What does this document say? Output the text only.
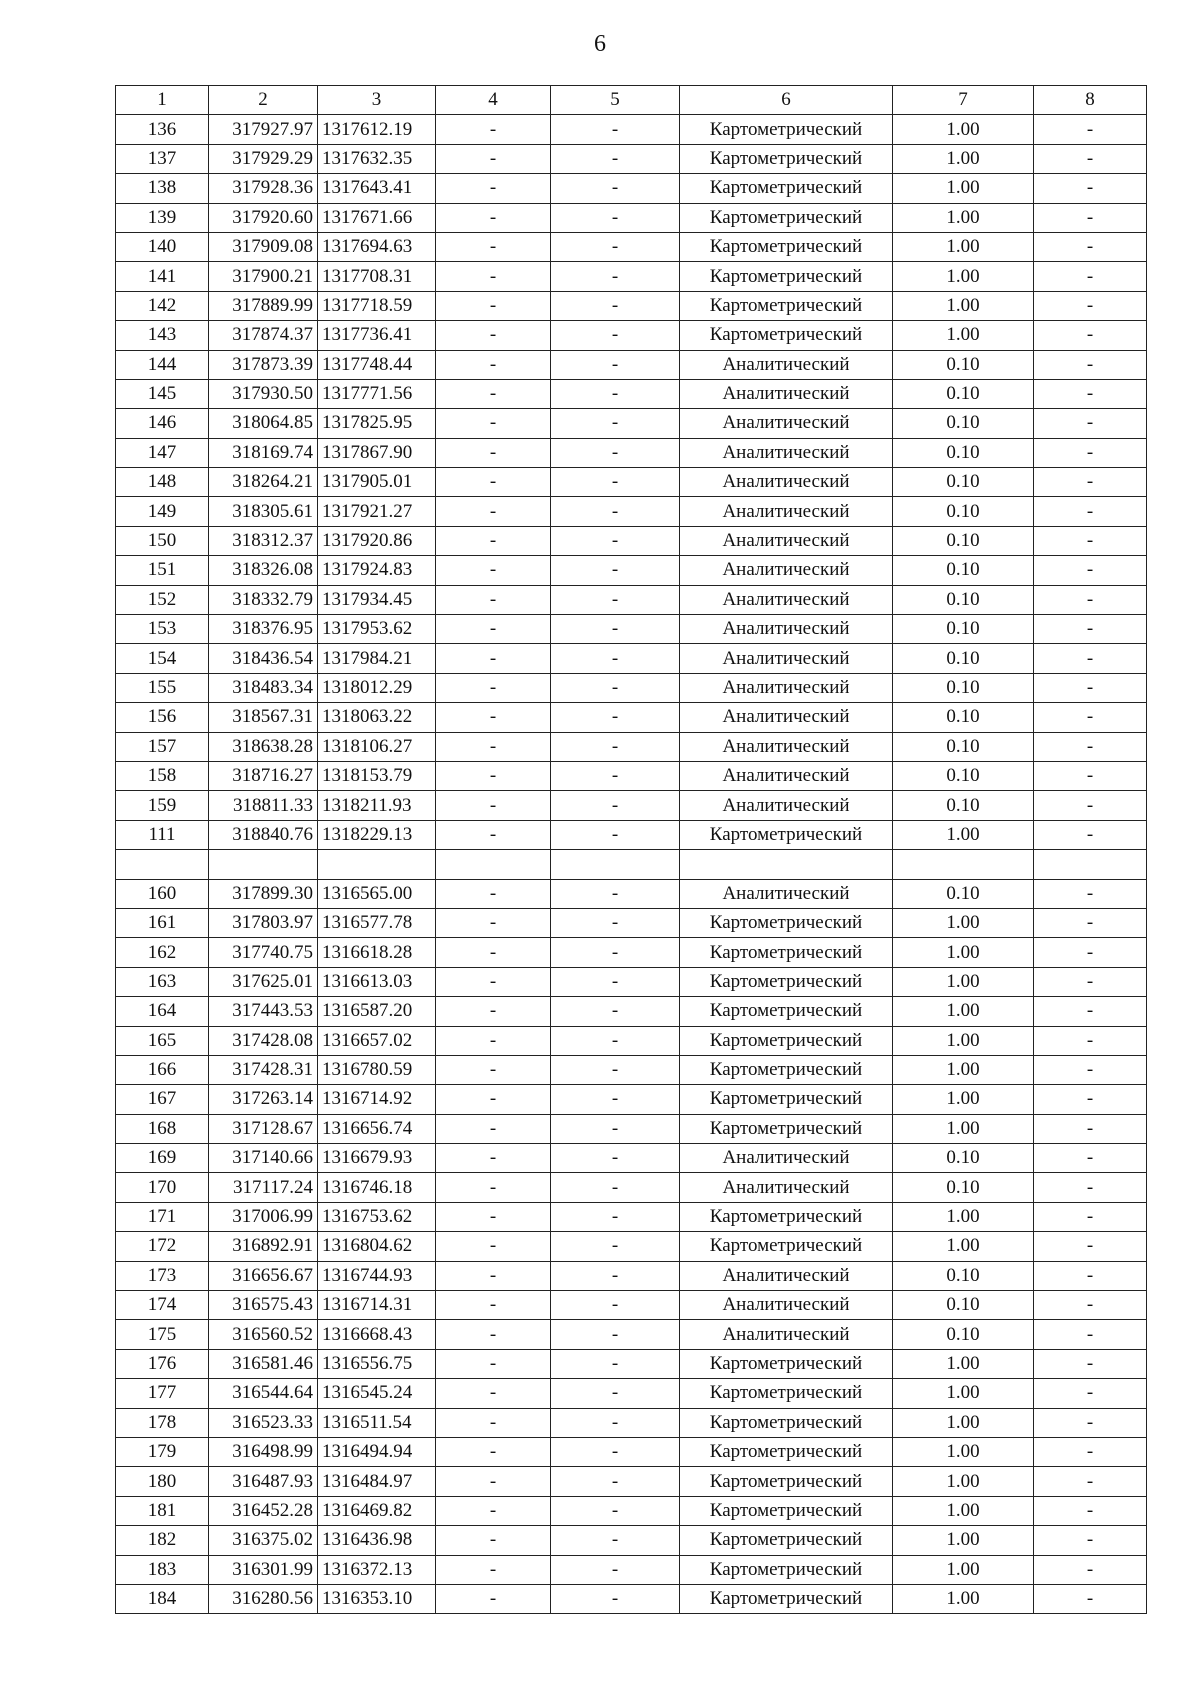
6
1	2	3	4	5	6	7	8
136	317927.97	1317612.19	-	-	Картометрический	1.00	-
137	317929.29	1317632.35	-	-	Картометрический	1.00	-
138	317928.36	1317643.41	-	-	Картометрический	1.00	-
139	317920.60	1317671.66	-	-	Картометрический	1.00	-
140	317909.08	1317694.63	-	-	Картометрический	1.00	-
141	317900.21	1317708.31	-	-	Картометрический	1.00	-
142	317889.99	1317718.59	-	-	Картометрический	1.00	-
143	317874.37	1317736.41	-	-	Картометрический	1.00	-
144	317873.39	1317748.44	-	-	Аналитический	0.10	-
145	317930.50	1317771.56	-	-	Аналитический	0.10	-
146	318064.85	1317825.95	-	-	Аналитический	0.10	-
147	318169.74	1317867.90	-	-	Аналитический	0.10	-
148	318264.21	1317905.01	-	-	Аналитический	0.10	-
149	318305.61	1317921.27	-	-	Аналитический	0.10	-
150	318312.37	1317920.86	-	-	Аналитический	0.10	-
151	318326.08	1317924.83	-	-	Аналитический	0.10	-
152	318332.79	1317934.45	-	-	Аналитический	0.10	-
153	318376.95	1317953.62	-	-	Аналитический	0.10	-
154	318436.54	1317984.21	-	-	Аналитический	0.10	-
155	318483.34	1318012.29	-	-	Аналитический	0.10	-
156	318567.31	1318063.22	-	-	Аналитический	0.10	-
157	318638.28	1318106.27	-	-	Аналитический	0.10	-
158	318716.27	1318153.79	-	-	Аналитический	0.10	-
159	318811.33	1318211.93	-	-	Аналитический	0.10	-
111	318840.76	1318229.13	-	-	Картометрический	1.00	-

160	317899.30	1316565.00	-	-	Аналитический	0.10	-
161	317803.97	1316577.78	-	-	Картометрический	1.00	-
162	317740.75	1316618.28	-	-	Картометрический	1.00	-
163	317625.01	1316613.03	-	-	Картометрический	1.00	-
164	317443.53	1316587.20	-	-	Картометрический	1.00	-
165	317428.08	1316657.02	-	-	Картометрический	1.00	-
166	317428.31	1316780.59	-	-	Картометрический	1.00	-
167	317263.14	1316714.92	-	-	Картометрический	1.00	-
168	317128.67	1316656.74	-	-	Картометрический	1.00	-
169	317140.66	1316679.93	-	-	Аналитический	0.10	-
170	317117.24	1316746.18	-	-	Аналитический	0.10	-
171	317006.99	1316753.62	-	-	Картометрический	1.00	-
172	316892.91	1316804.62	-	-	Картометрический	1.00	-
173	316656.67	1316744.93	-	-	Аналитический	0.10	-
174	316575.43	1316714.31	-	-	Аналитический	0.10	-
175	316560.52	1316668.43	-	-	Аналитический	0.10	-
176	316581.46	1316556.75	-	-	Картометрический	1.00	-
177	316544.64	1316545.24	-	-	Картометрический	1.00	-
178	316523.33	1316511.54	-	-	Картометрический	1.00	-
179	316498.99	1316494.94	-	-	Картометрический	1.00	-
180	316487.93	1316484.97	-	-	Картометрический	1.00	-
181	316452.28	1316469.82	-	-	Картометрический	1.00	-
182	316375.02	1316436.98	-	-	Картометрический	1.00	-
183	316301.99	1316372.13	-	-	Картометрический	1.00	-
184	316280.56	1316353.10	-	-	Картометрический	1.00	-
